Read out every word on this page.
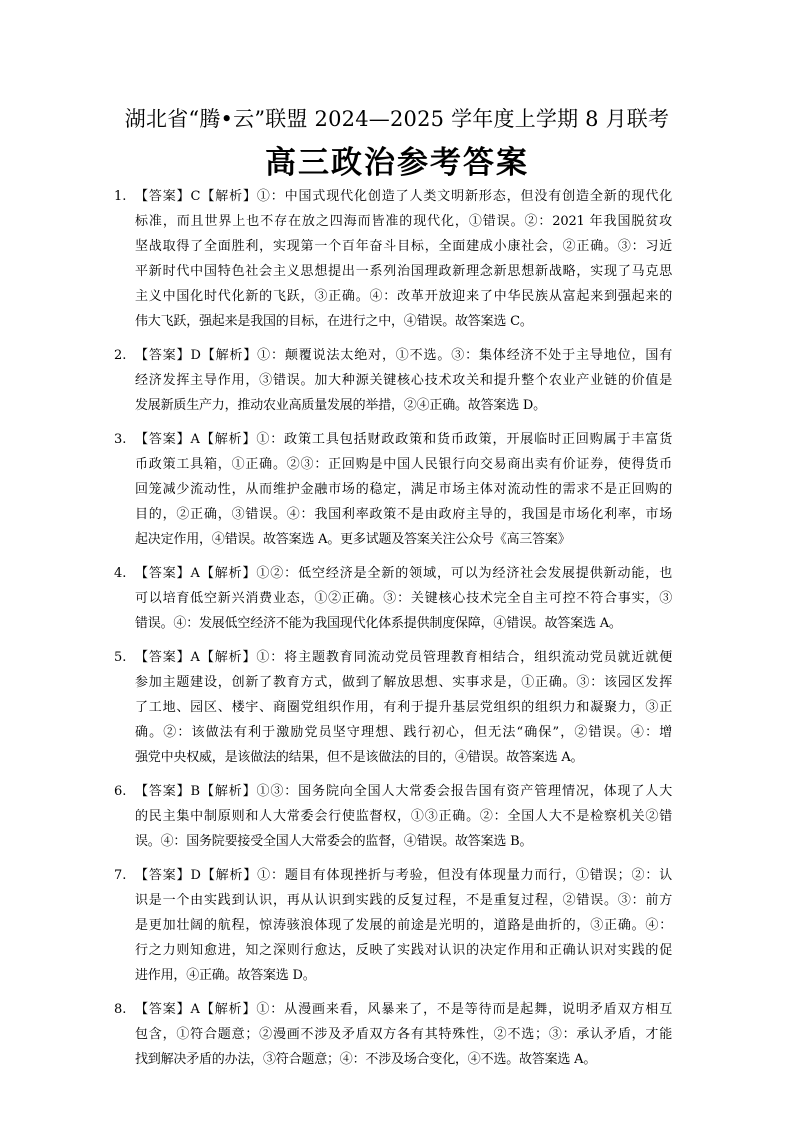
湖北省“腾•云”联盟 2024—2025 学年度上学期 8 月联考
高三政治参考答案
1. 【答案】C【解析】①：中国式现代化创造了人类文明新形态，但没有创造全新的现代化
标准，而且世界上也不存在放之四海而皆准的现代化，①错误。②：2021 年我国脱贫攻
坚战取得了全面胜利，实现第一个百年奋斗目标，全面建成小康社会，②正确。③：习近
平新时代中国特色社会主义思想提出一系列治国理政新理念新思想新战略，实现了马克思
主义中国化时代化新的飞跃，③正确。④：改革开放迎来了中华民族从富起来到强起来的
伟大飞跃，强起来是我国的目标，在进行之中，④错误。故答案选 C。
2. 【答案】D【解析】①：颠覆说法太绝对，①不选。③：集体经济不处于主导地位，国有
经济发挥主导作用，③错误。加大种源关键核心技术攻关和提升整个农业产业链的价值是
发展新质生产力，推动农业高质量发展的举措，②④正确。故答案选 D。
3. 【答案】A【解析】①：政策工具包括财政政策和货币政策，开展临时正回购属于丰富货
币政策工具箱，①正确。②③：正回购是中国人民银行向交易商出卖有价证券，使得货币
回笼减少流动性，从而维护金融市场的稳定，满足市场主体对流动性的需求不是正回购的
目的，②正确，③错误。④：我国利率政策不是由政府主导的，我国是市场化利率，市场
起决定作用，④错误。故答案选 A。更多试题及答案关注公众号《高三答案》
4. 【答案】A【解析】①②：低空经济是全新的领域，可以为经济社会发展提供新动能，也
可以培育低空新兴消费业态，①②正确。③：关键核心技术完全自主可控不符合事实，③
错误。④：发展低空经济不能为我国现代化体系提供制度保障，④错误。故答案选 A。
5. 【答案】A【解析】①：将主题教育同流动党员管理教育相结合，组织流动党员就近就便
参加主题建设，创新了教育方式，做到了解放思想、实事求是，①正确。③：该园区发挥
了工地、园区、楼宇、商圈党组织作用，有利于提升基层党组织的组织力和凝聚力，③正
确。②：该做法有利于激励党员坚守理想、践行初心，但无法“确保”，②错误。④：增
强党中央权威，是该做法的结果，但不是该做法的目的，④错误。故答案选 A。
6. 【答案】B【解析】①③：国务院向全国人大常委会报告国有资产管理情况，体现了人大
的民主集中制原则和人大常委会行使监督权，①③正确。②：全国人大不是检察机关②错
误。④：国务院要接受全国人大常委会的监督，④错误。故答案选 B。
7. 【答案】D【解析】①：题目有体现挫折与考验，但没有体现量力而行，①错误；②：认
识是一个由实践到认识，再从认识到实践的反复过程，不是重复过程，②错误。③：前方
是更加壮阔的航程，惊涛骇浪体现了发展的前途是光明的，道路是曲折的，③正确。④：
行之力则知愈进，知之深则行愈达，反映了实践对认识的决定作用和正确认识对实践的促
进作用，④正确。故答案选 D。
8. 【答案】A【解析】①：从漫画来看，风暴来了，不是等待而是起舞，说明矛盾双方相互
包含，①符合题意；②漫画不涉及矛盾双方各有其特殊性，②不选；③：承认矛盾，才能
找到解决矛盾的办法，③符合题意；④：不涉及场合变化，④不选。故答案选 A。
